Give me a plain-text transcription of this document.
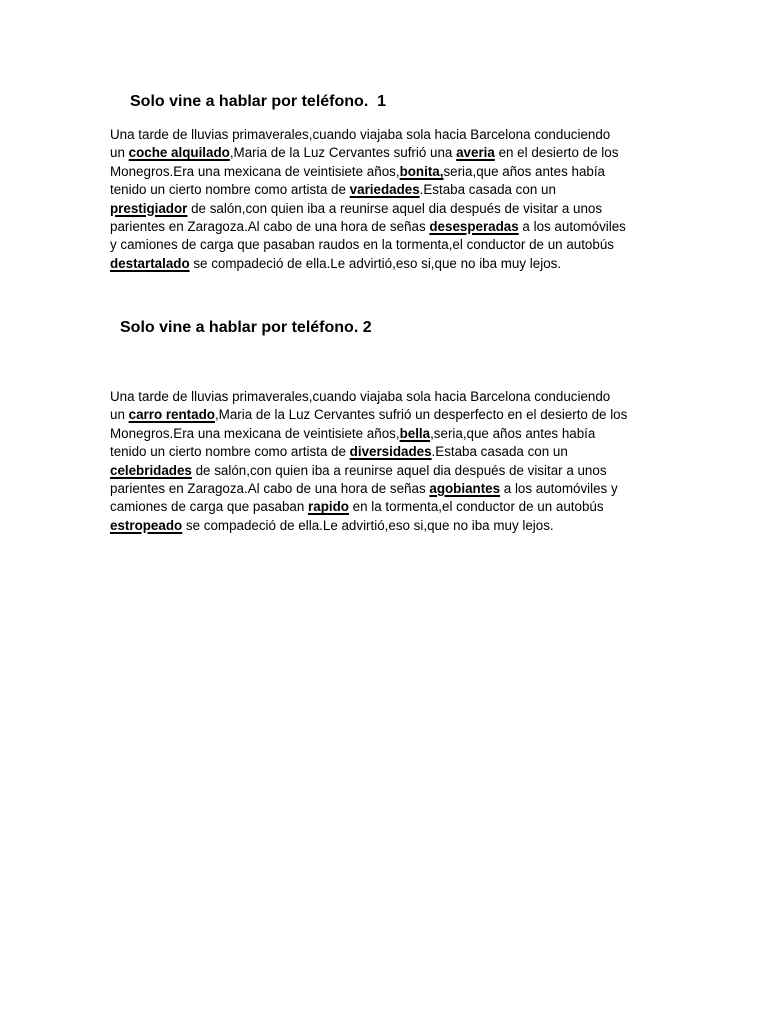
Solo vine a hablar por teléfono.  1
Una tarde de lluvias primaverales,cuando viajaba sola hacia Barcelona conduciendo
un coche alquilado,Maria de la Luz Cervantes sufrió una averia en el desierto de los
Monegros.Era una mexicana de veintisiete años,bonita,seria,que años antes había
tenido un cierto nombre como artista de variedades.Estaba casada con un
prestigiador de salón,con quien iba a reunirse aquel dia después de visitar a unos
parientes en Zaragoza.Al cabo de una hora de señas desesperadas a los automóviles
y camiones de carga que pasaban raudos en la tormenta,el conductor de un autobús
destartalado se compadeció de ella.Le advirtió,eso si,que no iba muy lejos.
Solo vine a hablar por teléfono. 2
Una tarde de lluvias primaverales,cuando viajaba sola hacia Barcelona conduciendo
un carro rentado,Maria de la Luz Cervantes sufrió un desperfecto en el desierto de los
Monegros.Era una mexicana de veintisiete años,bella,seria,que años antes había
tenido un cierto nombre como artista de diversidades.Estaba casada con un
celebridades de salón,con quien iba a reunirse aquel dia después de visitar a unos
parientes en Zaragoza.Al cabo de una hora de señas agobiantes a los automóviles y
camiones de carga que pasaban rapido en la tormenta,el conductor de un autobús
estropeado se compadeció de ella.Le advirtió,eso si,que no iba muy lejos.
